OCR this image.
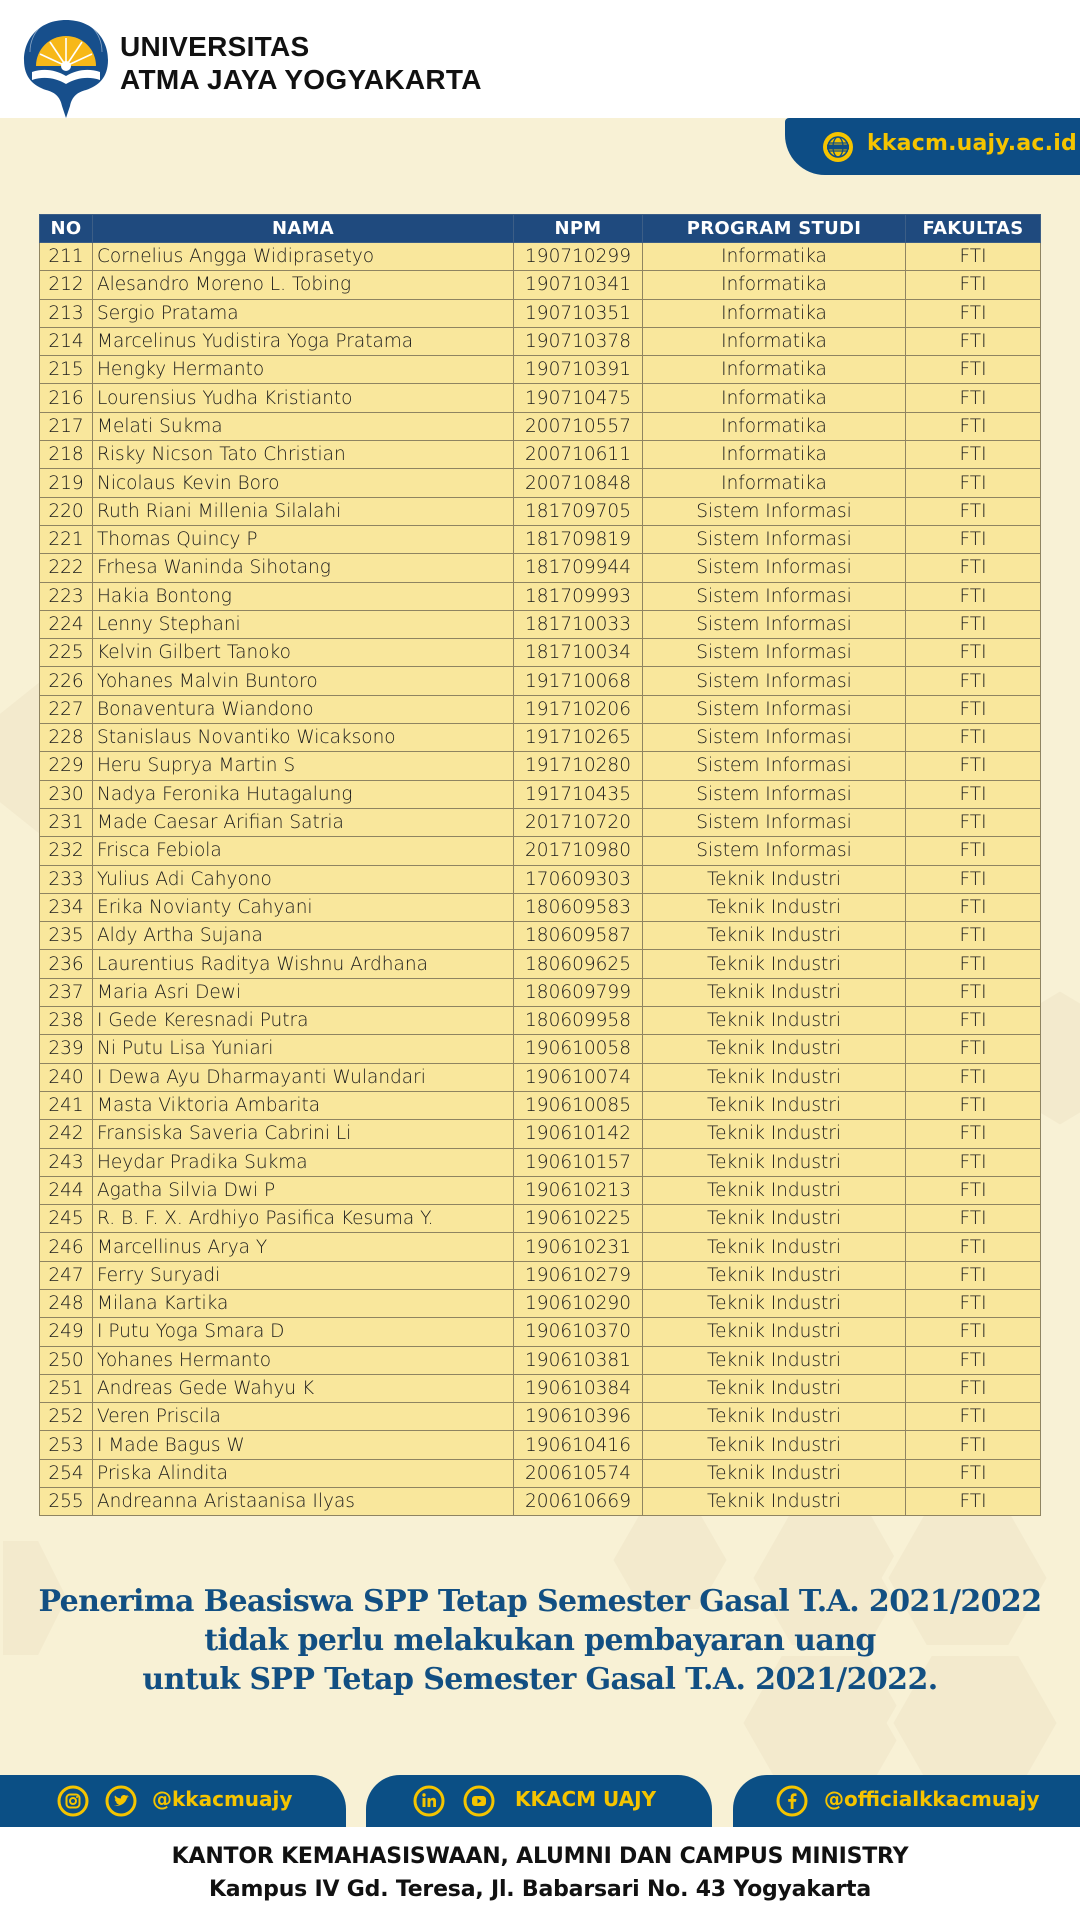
UNIVERSITAS
ATMA JAYA YOGYAKARTA
kkacm.uajy.ac.id
NO	NAMA	NPM	PROGRAM STUDI	FAKULTAS
211	Cornelius Angga Widiprasetyo	190710299	Informatika	FTI
212	Alesandro Moreno L. Tobing	190710341	Informatika	FTI
213	Sergio Pratama	190710351	Informatika	FTI
214	Marcelinus Yudistira Yoga Pratama	190710378	Informatika	FTI
215	Hengky Hermanto	190710391	Informatika	FTI
216	Lourensius Yudha Kristianto	190710475	Informatika	FTI
217	Melati Sukma	200710557	Informatika	FTI
218	Risky Nicson Tato Christian	200710611	Informatika	FTI
219	Nicolaus Kevin Boro	200710848	Informatika	FTI
220	Ruth Riani Millenia Silalahi	181709705	Sistem Informasi	FTI
221	Thomas Quincy P	181709819	Sistem Informasi	FTI
222	Frhesa Waninda Sihotang	181709944	Sistem Informasi	FTI
223	Hakia Bontong	181709993	Sistem Informasi	FTI
224	Lenny Stephani	181710033	Sistem Informasi	FTI
225	Kelvin Gilbert Tanoko	181710034	Sistem Informasi	FTI
226	Yohanes Malvin Buntoro	191710068	Sistem Informasi	FTI
227	Bonaventura Wiandono	191710206	Sistem Informasi	FTI
228	Stanislaus Novantiko Wicaksono	191710265	Sistem Informasi	FTI
229	Heru Suprya Martin S	191710280	Sistem Informasi	FTI
230	Nadya Feronika Hutagalung	191710435	Sistem Informasi	FTI
231	Made Caesar Arifian Satria	201710720	Sistem Informasi	FTI
232	Frisca Febiola	201710980	Sistem Informasi	FTI
233	Yulius Adi Cahyono	170609303	Teknik Industri	FTI
234	Erika Novianty Cahyani	180609583	Teknik Industri	FTI
235	Aldy Artha Sujana	180609587	Teknik Industri	FTI
236	Laurentius Raditya Wishnu Ardhana	180609625	Teknik Industri	FTI
237	Maria Asri Dewi	180609799	Teknik Industri	FTI
238	I Gede Keresnadi Putra	180609958	Teknik Industri	FTI
239	Ni Putu Lisa Yuniari	190610058	Teknik Industri	FTI
240	I Dewa Ayu Dharmayanti Wulandari	190610074	Teknik Industri	FTI
241	Masta Viktoria Ambarita	190610085	Teknik Industri	FTI
242	Fransiska Saveria Cabrini Li	190610142	Teknik Industri	FTI
243	Heydar Pradika Sukma	190610157	Teknik Industri	FTI
244	Agatha Silvia Dwi P	190610213	Teknik Industri	FTI
245	R. B. F. X. Ardhiyo Pasifica Kesuma Y.	190610225	Teknik Industri	FTI
246	Marcellinus Arya Y	190610231	Teknik Industri	FTI
247	Ferry Suryadi	190610279	Teknik Industri	FTI
248	Milana Kartika	190610290	Teknik Industri	FTI
249	I Putu Yoga Smara D	190610370	Teknik Industri	FTI
250	Yohanes Hermanto	190610381	Teknik Industri	FTI
251	Andreas Gede Wahyu K	190610384	Teknik Industri	FTI
252	Veren Priscila	190610396	Teknik Industri	FTI
253	I Made Bagus W	190610416	Teknik Industri	FTI
254	Priska Alindita	200610574	Teknik Industri	FTI
255	Andreanna Aristaanisa Ilyas	200610669	Teknik Industri	FTI
Penerima Beasiswa SPP Tetap Semester Gasal T.A. 2021/2022
tidak perlu melakukan pembayaran uang
untuk SPP Tetap Semester Gasal T.A. 2021/2022.
@kkacmuajy	KKACM UAJY	@officialkkacmuajy
KANTOR KEMAHASISWAAN, ALUMNI DAN CAMPUS MINISTRY
Kampus IV Gd. Teresa, Jl. Babarsari No. 43 Yogyakarta
